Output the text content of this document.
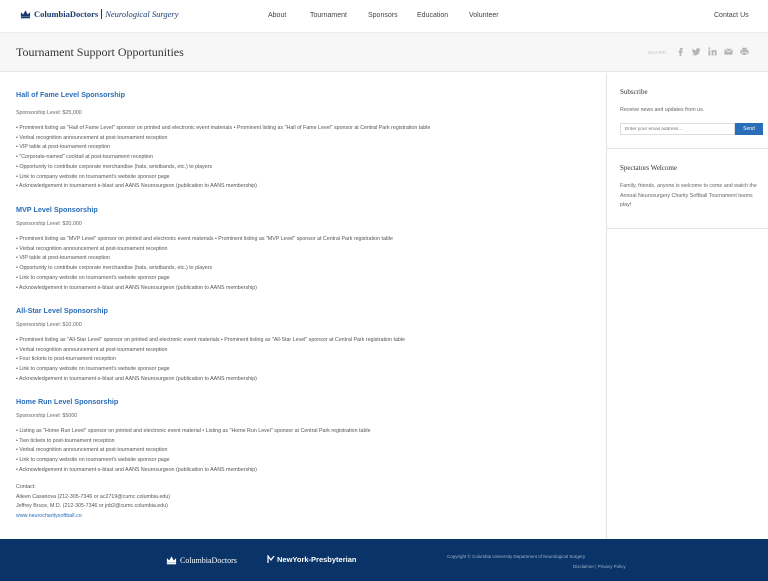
ColumbiaDoctors Neurological Surgery	About	Tournament	Sponsors	Education	Volunteer	Contact Us
Tournament Support Opportunities	SHARE:
Hall of Fame Level Sponsorship
Sponsorship Level: $25,000
• Prominent listing as "Hall of Fame Level" sponsor on printed and electronic event materials • Prominent listing as "Hall of Fame Level" sponsor at Central Park registration table
• Verbal recognition announcement at post-tournament reception
• VIP table at post-tournament reception
• "Corporate-named" cocktail at post-tournament reception
• Opportunity to contribute corporate merchandise (hats, wristbands, etc.) to players
• Link to company website on tournament's website sponsor page
• Acknowledgement in tournament e-blast and AANS Neurosurgeon (publication to AANS membership)
MVP Level Sponsorship
Sponsorship Level: $20,000
• Prominent listing as "MVP Level" sponsor on printed and electronic event materials • Prominent listing as "MVP Level" sponsor at Central Park registration table
• Verbal recognition announcement at post-tournament reception
• VIP table at post-tournament reception
• Opportunity to contribute corporate merchandise (hats, wristbands, etc.) to players
• Link to company website on tournament's website sponsor page
• Acknowledgement in tournament e-blast and AANS Neurosurgeon (publication to AANS membership)
All-Star Level Sponsorship
Sponsorship Level: $10,000
• Prominent listing as "All-Star Level" sponsor on printed and electronic event materials • Prominent listing as "All-Star Level" sponsor at Central Park registration table
• Verbal recognition announcement at post-tournament reception
• Four tickets to post-tournament reception
• Link to company website on tournament's website sponsor page
• Acknowledgement in tournament e-blast and AANS Neurosurgeon (publication to AANS membership)
Home Run Level Sponsorship
Sponsorship Level: $5000
• Listing as "Home Run Level" sponsor on printed and electronic event material • Listing as "Home Run Level" sponsor at Central Park registration table
• Two tickets to post-tournament reception
• Verbal recognition announcement at post-tournament reception
• Link to company website on tournament's website sponsor page
• Acknowledgement in tournament e-blast and AANS Neurosurgeon (publication to AANS membership)
Contact:
Aileen Casanova (212-305-7346 or ac2719@cumc.columbia.edu)
Jeffrey Bruce, M.D. (212-305-7346 or jnb2@cumc.columbia.edu)
www.neurocharitysoftball.co
Subscribe
Receive news and updates from us.
Enter your email address...
Send
Spectators Welcome
Family, friends, anyone is welcome to come and watch the Annual Neurosurgery Charity Softball Tournament teams play!
ColumbiaDoctors	NewYork-Presbyterian	Copyright © Columbia University Department of Neurological Surgery
Disclaimer | Privacy Policy
